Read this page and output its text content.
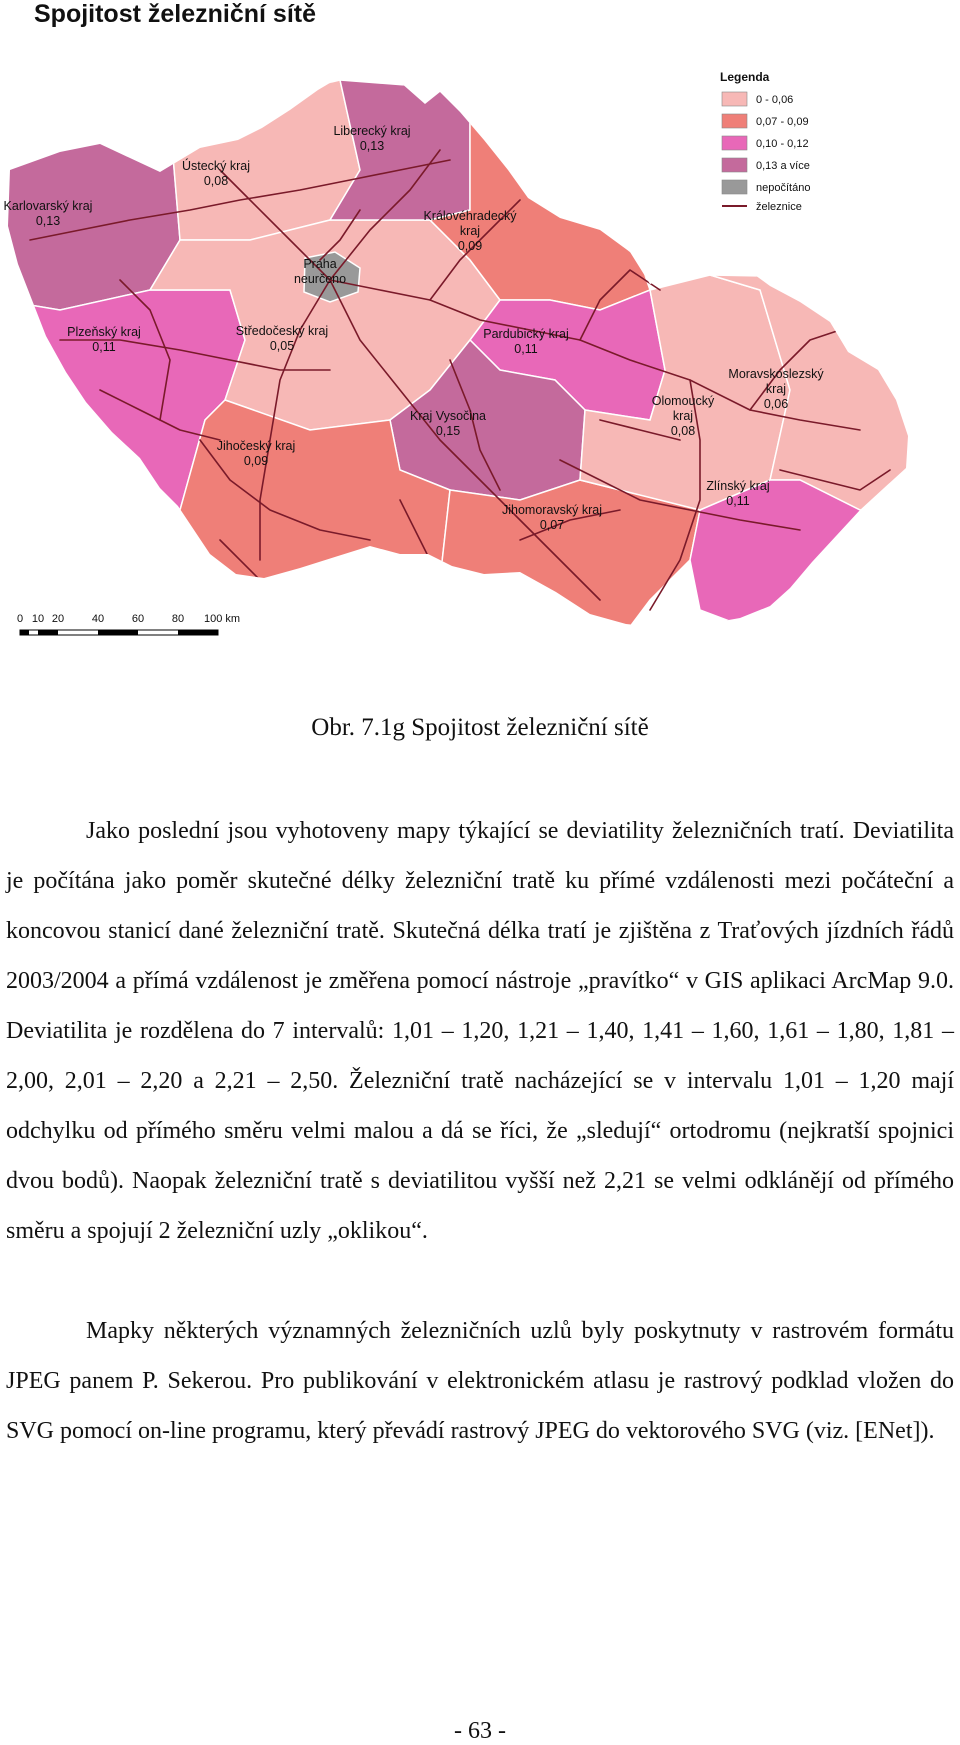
Spojitost železniční sítě
Karlovarský kraj 0,13
Ústecký kraj 0,08
Liberecký kraj 0,13
Královéhradecký kraj 0,09
Praha neurčeno
Plzeňský kraj 0,11
Středočeský kraj 0,05
Pardubický kraj 0,11
Moravskoslezský kraj 0,06
Olomoucký kraj 0,08
Kraj Vysočina 0,15
Jihočeský kraj 0,09
Jihomoravský kraj 0,07
Zlínský kraj 0,11
Legenda
0 - 0,06
0,07 - 0,09
0,10 - 0,12
0,13 a více
nepočítáno
železnice
0 10 20	40	60	80 100 km
Obr. 7.1g Spojitost železniční sítě

Jako poslední jsou vyhotoveny mapy týkající se deviatility železničních tratí. Deviatilita je počítána jako poměr skutečné délky železniční tratě ku přímé vzdálenosti mezi počáteční a koncovou stanicí dané železniční tratě. Skutečná délka tratí je zjištěna z Traťových jízdních řádů 2003/2004 a přímá vzdálenost je změřena pomocí nástroje „pravítko“ v GIS aplikaci ArcMap 9.0. Deviatilita je rozdělena do 7 intervalů: 1,01 – 1,20, 1,21 – 1,40, 1,41 – 1,60, 1,61 – 1,80, 1,81 – 2,00, 2,01 – 2,20 a 2,21 – 2,50. Železniční tratě nacházející se v intervalu 1,01 – 1,20 mají odchylku od přímého směru velmi malou a dá se říci, že „sledují“ ortodromu (nejkratší spojnici dvou bodů). Naopak železniční tratě s deviatilitou vyšší než 2,21 se velmi odklánějí od přímého směru a spojují 2 železniční uzly „oklikou“.

Mapky některých významných železničních uzlů byly poskytnuty v rastrovém formátu JPEG panem P. Sekerou. Pro publikování v elektronickém atlasu je rastrový podklad vložen do SVG pomocí on-line programu, který převádí rastrový JPEG do vektorového SVG (viz. [ENet]).

- 63 -
